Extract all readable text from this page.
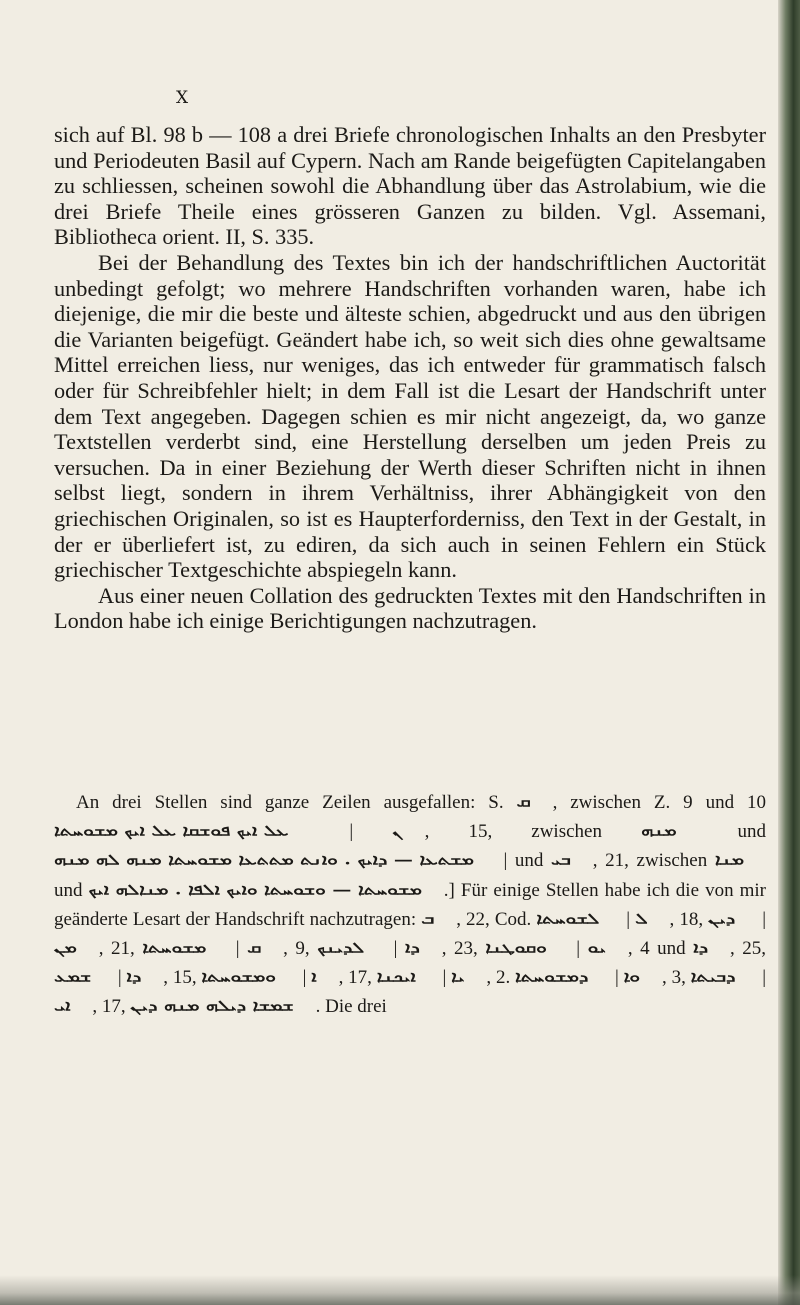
X

sich auf Bl. 98 b — 108 a drei Briefe chronologischen Inhalts an den Presbyter und Periodeuten Basil auf Cypern. Nach am Rande beigefügten Capitelangaben zu schliessen, scheinen sowohl die Abhandlung über das Astrolabium, wie die drei Briefe Theile eines grösseren Ganzen zu bilden. Vgl. Assemani, Bibliotheca orient. II, S. 335.

Bei der Behandlung des Textes bin ich der handschriftlichen Auctorität unbedingt gefolgt; wo mehrere Handschriften vorhanden waren, habe ich diejenige, die mir die beste und älteste schien, abgedruckt und aus den übrigen die Varianten beigefügt. Geändert habe ich, so weit sich dies ohne gewaltsame Mittel erreichen liess, nur weniges, das ich entweder für grammatisch falsch oder für Schreibfehler hielt; in dem Fall ist die Lesart der Handschrift unter dem Text angegeben. Dagegen schien es mir nicht angezeigt, da, wo ganze Textstellen verderbt sind, eine Herstellung derselben um jeden Preis zu versuchen. Da in einer Beziehung der Werth dieser Schriften nicht in ihnen selbst liegt, sondern in ihrem Verhältniss, ihrer Abhängigkeit von den griechischen Originalen, so ist es Haupterforderniss, den Text in der Gestalt, in der er überliefert ist, zu ediren, da sich auch in seinen Fehlern ein Stück griechischer Textgeschichte abspiegeln kann.

Aus einer neuen Collation des gedruckten Textes mit den Handschriften in London habe ich einige Berichtigungen nachzutragen.

An drei Stellen sind ganze Zeilen ausgefallen: S. ܩ , zwischen Z. 9 und 10 ܥܠ ܐܝܟ ܦܘܫܩܐ ܥܠ ܐܝܟ ܡܫܘܚܬܐ | ܢ , 15, zwischen ܡܢܗ und ܡܫܬܥܐ — ܕܐܝܟ . ܘܐܢܬ ܡܬܬܥܐ ܡܫܘܚܬܐ ܡܢܗ ܠܗ ܡܢܗ | und ܒܝ , 21, zwischen ܡܢܐ und ܡܫܘܚܬܐ — ܘܫܘܚܬܐ ܘܐܝܟ ܐܠܦܐ . ܡܢܐܠܗ ܐܝܟ .] Für einige Stellen habe ich die von mir geänderte Lesart der Handschrift nachzutragen: ܒ , 22, Cod. ܠܫܘܚܬܐ | ܠ , 18, ܕܝܢ | ܡܢ , 21, ܡܫܘܚܬܐ | ܩ , 9, ܠܕܝܢܟ | ܕܐ , 23, ܘܩܘܛܢܐ | ܝܘ , 4 und ܕܐ , 25, ܫܡܥ | ܕܐ , 15, ܘܡܫܘܚܬܐ | ܐ , 17, ܐܝܟܢܐ | ܝܐ , 2. ܕܡܫܘܚܬܐ | ܘܐ , 3, ܕܒܝܬܐ | ܐܝ , 17, ܫܡܫܐ ܕܝܠܗ ܡܢܗ ܕܝܢ . Die drei
